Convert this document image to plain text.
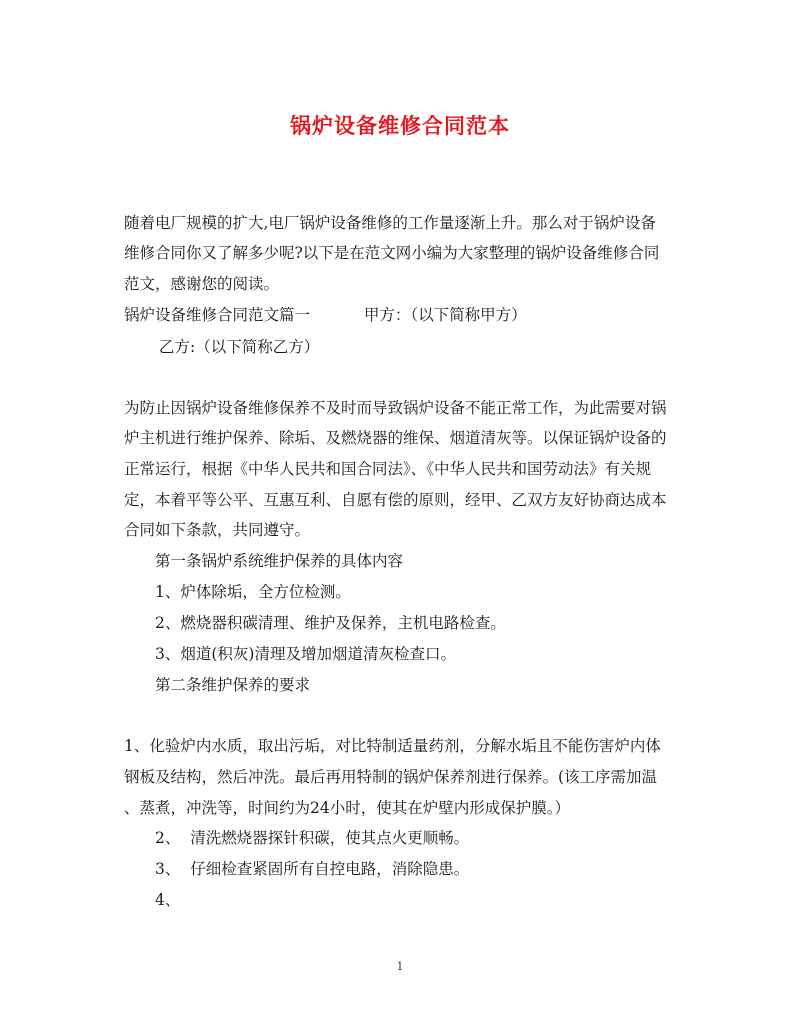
锅炉设备维修合同范本
随着电厂规模的扩大,电厂锅炉设备维修的工作量逐渐上升。那么对于锅炉设备
维修合同你又了解多少呢?以下是在范文网小编为大家整理的锅炉设备维修合同
范文，感谢您的阅读。
锅炉设备维修合同范文篇一	甲方：（以下简称甲方）
乙方:（以下简称乙方）
为防止因锅炉设备维修保养不及时而导致锅炉设备不能正常工作，为此需要对锅
炉主机进行维护保养、除垢、及燃烧器的维保、烟道清灰等。以保证锅炉设备的
正常运行，根据《中华人民共和国合同法》、《中华人民共和国劳动法》有关规
定，本着平等公平、互惠互利、自愿有偿的原则，经甲、乙双方友好协商达成本
合同如下条款，共同遵守。
第一条锅炉系统维护保养的具体内容
1、炉体除垢，全方位检测。
2、燃烧器积碳清理、维护及保养，主机电路检查。
3、烟道(积灰)清理及增加烟道清灰检查口。
第二条维护保养的要求
1、化验炉内水质，取出污垢，对比特制适量药剂，分解水垢且不能伤害炉内体
钢板及结构，然后冲洗。最后再用特制的锅炉保养剂进行保养。(该工序需加温
、蒸煮，冲洗等，时间约为24小时，使其在炉壁内形成保护膜。）
2、  清洗燃烧器探针积碳，使其点火更顺畅。
3、  仔细检查紧固所有自控电路，消除隐患。
4、
1
